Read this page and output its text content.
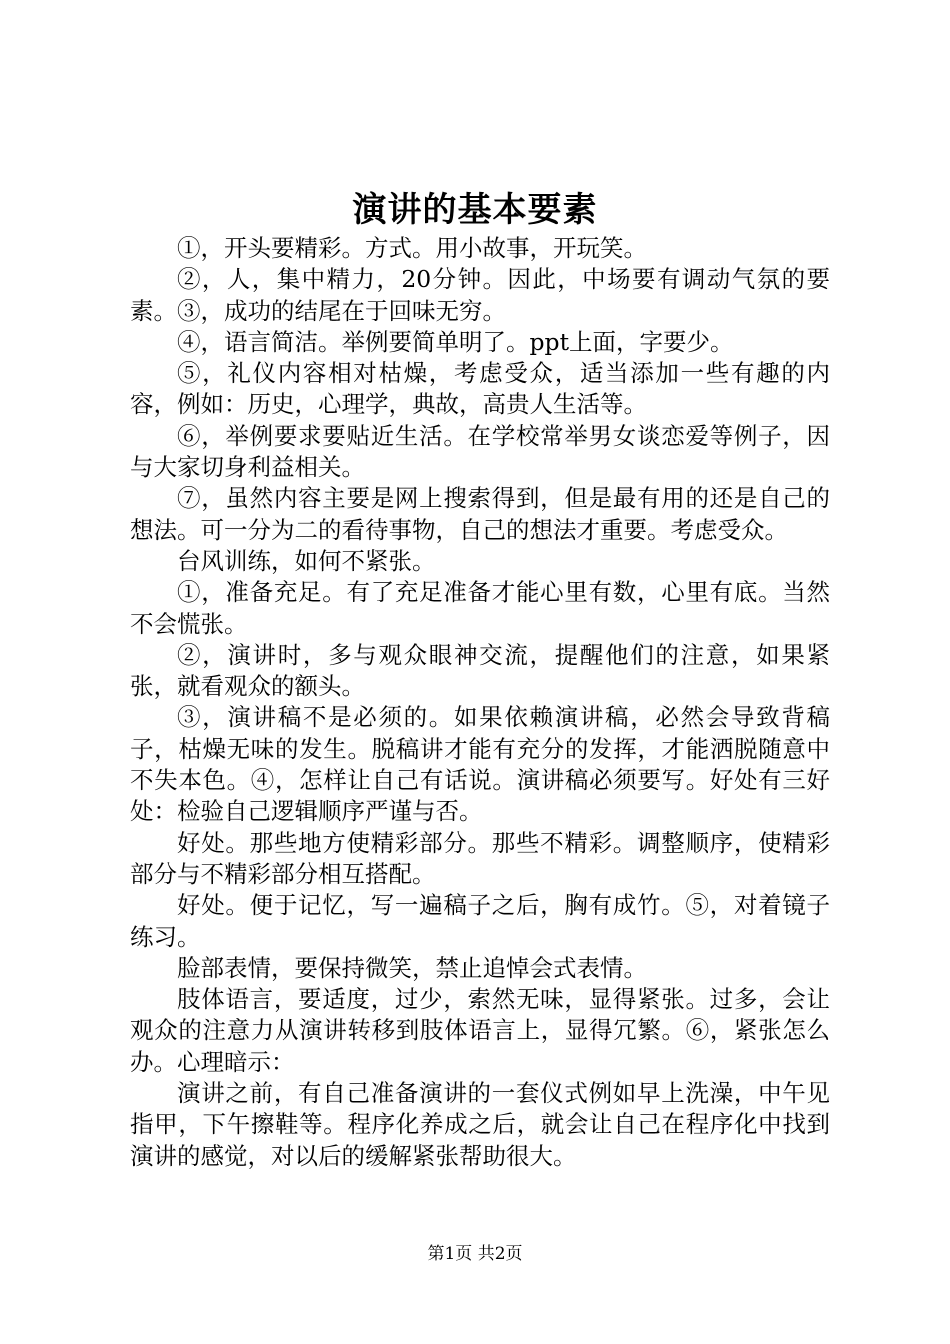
演讲的基本要素

①，开头要精彩。方式。用小故事，开玩笑。

②，人，集中精力，20分钟。因此，中场要有调动气氛的要素。③，成功的结尾在于回味无穷。

④，语言简洁。举例要简单明了。ppt上面，字要少。

⑤，礼仪内容相对枯燥，考虑受众，适当添加一些有趣的内容，例如：历史，心理学，典故，高贵人生活等。

⑥，举例要求要贴近生活。在学校常举男女谈恋爱等例子，因与大家切身利益相关。

⑦，虽然内容主要是网上搜索得到，但是最有用的还是自己的想法。可一分为二的看待事物，自己的想法才重要。考虑受众。

台风训练，如何不紧张。

①，准备充足。有了充足准备才能心里有数，心里有底。当然不会慌张。

②，演讲时，多与观众眼神交流，提醒他们的注意，如果紧张，就看观众的额头。

③，演讲稿不是必须的。如果依赖演讲稿，必然会导致背稿子，枯燥无味的发生。脱稿讲才能有充分的发挥，才能洒脱随意中不失本色。④，怎样让自己有话说。演讲稿必须要写。好处有三好处：检验自己逻辑顺序严谨与否。

好处。那些地方使精彩部分。那些不精彩。调整顺序，使精彩部分与不精彩部分相互搭配。

好处。便于记忆，写一遍稿子之后，胸有成竹。⑤，对着镜子练习。

脸部表情，要保持微笑，禁止追悼会式表情。

肢体语言，要适度，过少，索然无味，显得紧张。过多，会让观众的注意力从演讲转移到肢体语言上，显得冗繁。⑥，紧张怎么办。心理暗示：

演讲之前，有自己准备演讲的一套仪式例如早上洗澡，中午见指甲，下午擦鞋等。程序化养成之后，就会让自己在程序化中找到演讲的感觉，对以后的缓解紧张帮助很大。

第1页 共2页
